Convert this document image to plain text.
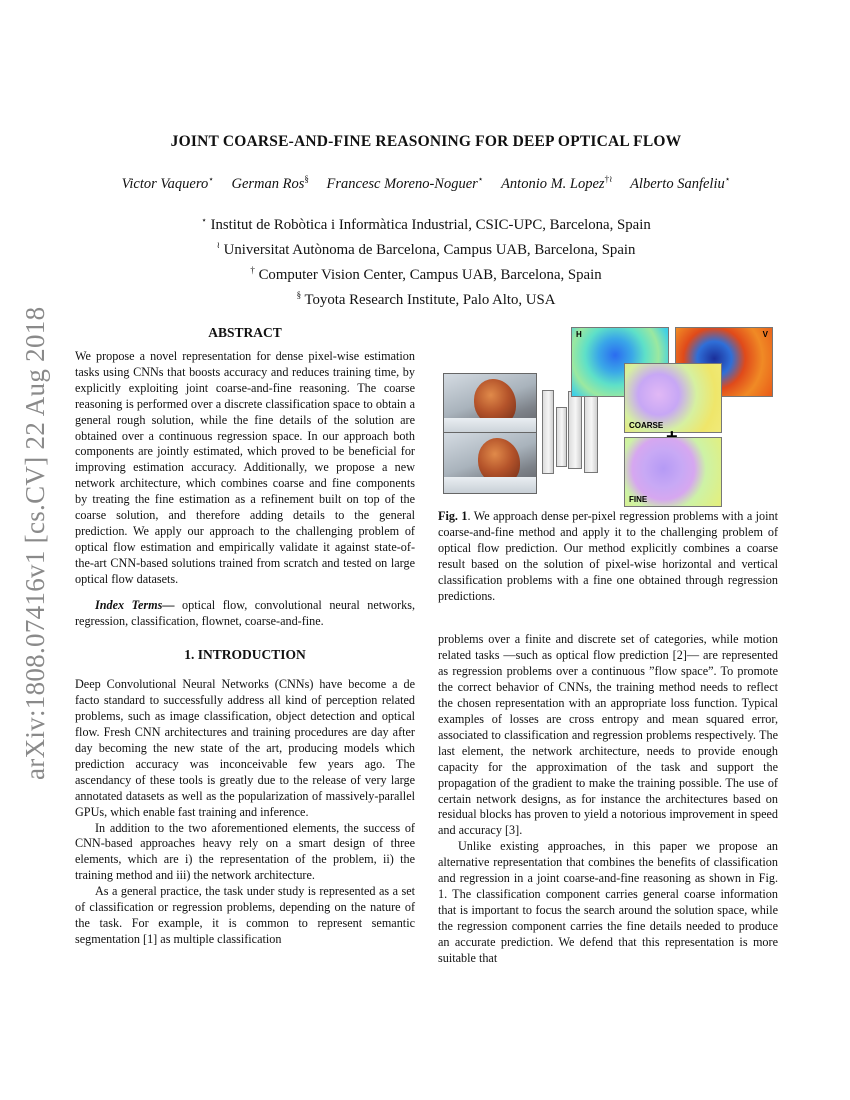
arXiv:1808.07416v1 [cs.CV] 22 Aug 2018
JOINT COARSE-AND-FINE REASONING FOR DEEP OPTICAL FLOW
Victor Vaquero⋆ German Ros§ Francesc Moreno-Noguer⋆ Antonio M. Lopez†≀ Alberto Sanfeliu⋆
⋆ Institut de Robòtica i Informàtica Industrial, CSIC-UPC, Barcelona, Spain
≀ Universitat Autònoma de Barcelona, Campus UAB, Barcelona, Spain
† Computer Vision Center, Campus UAB, Barcelona, Spain
§ Toyota Research Institute, Palo Alto, USA
ABSTRACT

We propose a novel representation for dense pixel-wise estimation tasks using CNNs that boosts accuracy and reduces training time, by explicitly exploiting joint coarse-and-fine reasoning. The coarse reasoning is performed over a discrete classification space to obtain a general rough solution, while the fine details of the solution are obtained over a continuous regression space. In our approach both components are jointly estimated, which proved to be beneficial for improving estimation accuracy. Additionally, we propose a new network architecture, which combines coarse and fine components by treating the fine estimation as a refinement built on top of the coarse solution, and therefore adding details to the general prediction. We apply our approach to the challenging problem of optical flow estimation and empirically validate it against state-of-the-art CNN-based solutions trained from scratch and tested on large optical flow datasets.

Index Terms— optical flow, convolutional neural networks, regression, classification, flownet, coarse-and-fine.

1. INTRODUCTION

Deep Convolutional Neural Networks (CNNs) have become a de facto standard to successfully address all kind of perception related problems, such as image classification, object detection and optical flow. Fresh CNN architectures and training procedures are day after day becoming the new state of the art, producing models which prediction accuracy was inconceivable few years ago. The ascendancy of these tools is greatly due to the release of very large annotated datasets as well as the popularization of massively-parallel GPUs, which enable fast training and inference.

In addition to the two aforementioned elements, the success of CNN-based approaches heavy rely on a smart design of three elements, which are i) the representation of the problem, ii) the training method and iii) the network architecture.

As a general practice, the task under study is represented as a set of classification or regression problems, depending on the nature of the task. For example, it is common to represent semantic segmentation [1] as multiple classification

H	V
COARSE
FINE
Fig. 1. We approach dense per-pixel regression problems with a joint coarse-and-fine method and apply it to the challenging problem of optical flow prediction. Our method explicitly combines a coarse result based on the solution of pixel-wise horizontal and vertical classification problems with a fine one obtained through regression predictions.

problems over a finite and discrete set of categories, while motion related tasks —such as optical flow prediction [2]— are represented as regression problems over a continuous ”flow space”. To promote the correct behavior of CNNs, the training method needs to reflect the chosen representation with an appropriate loss function. Typical examples of losses are cross entropy and mean squared error, associated to classification and regression problems respectively. The last element, the network architecture, needs to provide enough capacity for the approximation of the task and support the propagation of the gradient to make the training possible. The use of certain network designs, as for instance the architectures based on residual blocks has proven to yield a notorious improvement in speed and accuracy [3].

Unlike existing approaches, in this paper we propose an alternative representation that combines the benefits of classification and regression in a joint coarse-and-fine reasoning as shown in Fig. 1. The classification component carries general coarse information that is important to focus the search around the solution space, while the regression component carries the fine details needed to produce an accurate prediction. We defend that this representation is more suitable that
